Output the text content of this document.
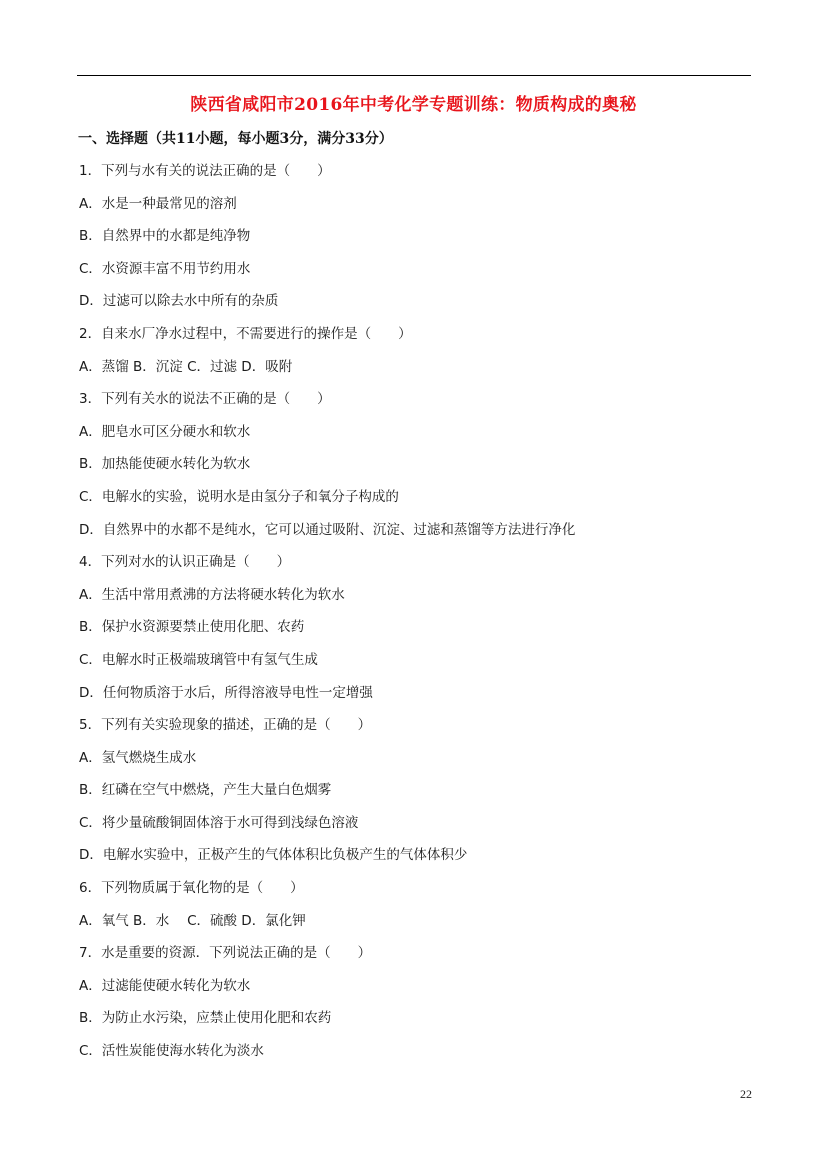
陕西省咸阳市2016年中考化学专题训练：物质构成的奥秘
一、选择题（共11小题，每小题3分，满分33分）
1．下列与水有关的说法正确的是（　　）
A．水是一种最常见的溶剂
B．自然界中的水都是纯净物
C．水资源丰富不用节约用水
D．过滤可以除去水中所有的杂质
2．自来水厂净水过程中，不需要进行的操作是（　　）
A．蒸馏 B．沉淀 C．过滤 D．吸附
3．下列有关水的说法不正确的是（　　）
A．肥皂水可区分硬水和软水
B．加热能使硬水转化为软水
C．电解水的实验，说明水是由氢分子和氧分子构成的
D．自然界中的水都不是纯水，它可以通过吸附、沉淀、过滤和蒸馏等方法进行净化
4．下列对水的认识正确是（　　）
A．生活中常用煮沸的方法将硬水转化为软水
B．保护水资源要禁止使用化肥、农药
C．电解水时正极端玻璃管中有氢气生成
D．任何物质溶于水后，所得溶液导电性一定增强
5．下列有关实验现象的描述，正确的是（　　）
A．氢气燃烧生成水
B．红磷在空气中燃烧，产生大量白色烟雾
C．将少量硫酸铜固体溶于水可得到浅绿色溶液
D．电解水实验中，正极产生的气体体积比负极产生的气体体积少
6．下列物质属于氧化物的是（　　）
A．氧气 B．水　 C．硫酸 D．氯化钾
7．水是重要的资源．下列说法正确的是（　　）
A．过滤能使硬水转化为软水
B．为防止水污染，应禁止使用化肥和农药
C．活性炭能使海水转化为淡水
22
